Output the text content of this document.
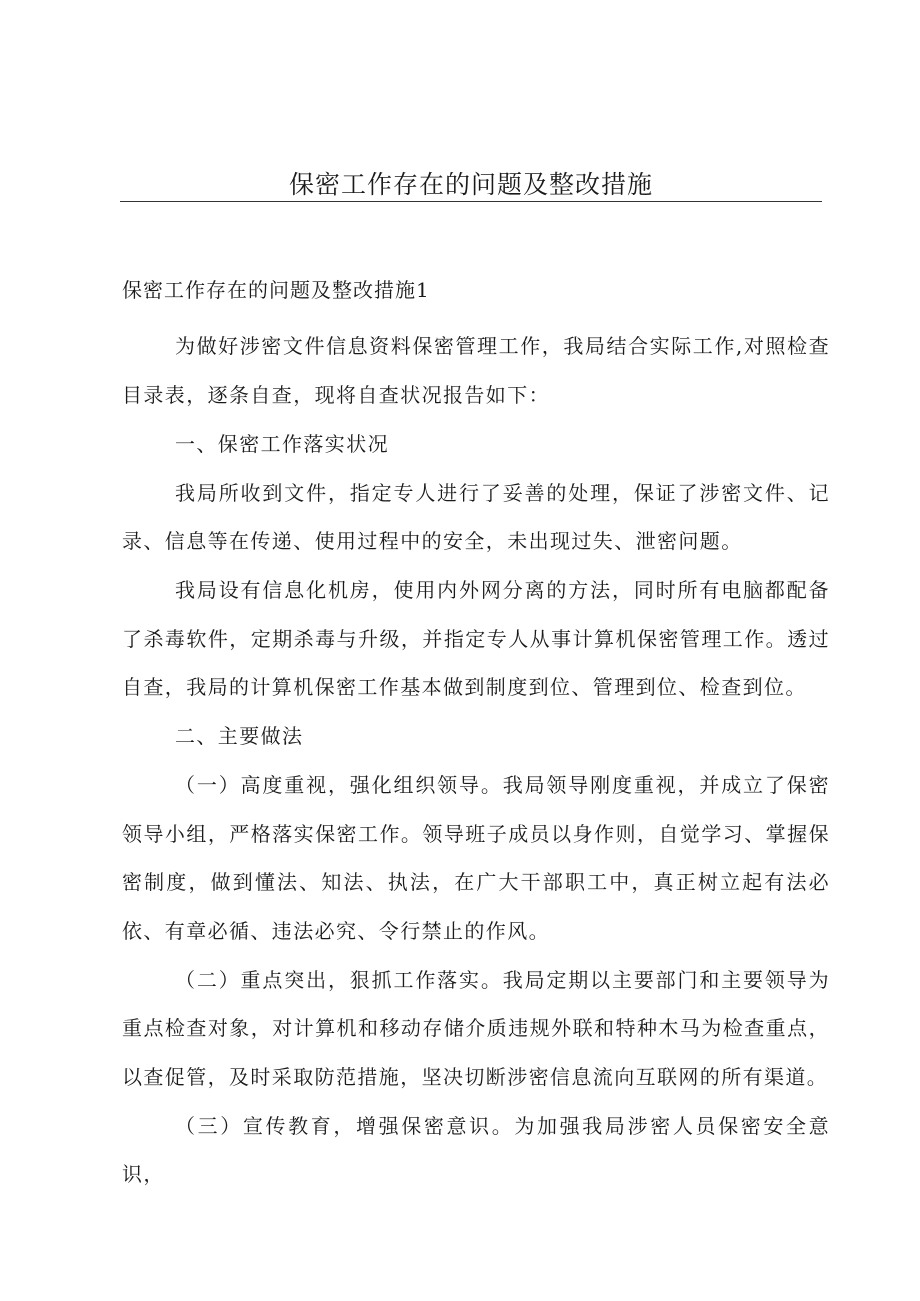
保密工作存在的问题及整改措施
保密工作存在的问题及整改措施1

为做好涉密文件信息资料保密管理工作，我局结合实际工作,对照检查目录表，逐条自查，现将自查状况报告如下：

一、保密工作落实状况

我局所收到文件，指定专人进行了妥善的处理，保证了涉密文件、记录、信息等在传递、使用过程中的安全，未出现过失、泄密问题。

我局设有信息化机房，使用内外网分离的方法，同时所有电脑都配备了杀毒软件，定期杀毒与升级，并指定专人从事计算机保密管理工作。透过自查，我局的计算机保密工作基本做到制度到位、管理到位、检查到位。

二、主要做法

（一）高度重视，强化组织领导。我局领导刚度重视，并成立了保密领导小组，严格落实保密工作。领导班子成员以身作则，自觉学习、掌握保密制度，做到懂法、知法、执法，在广大干部职工中，真正树立起有法必依、有章必循、违法必究、令行禁止的作风。

（二）重点突出，狠抓工作落实。我局定期以主要部门和主要领导为重点检查对象，对计算机和移动存储介质违规外联和特种木马为检查重点，以查促管，及时采取防范措施，坚决切断涉密信息流向互联网的所有渠道。

（三）宣传教育，增强保密意识。为加强我局涉密人员保密安全意识，
